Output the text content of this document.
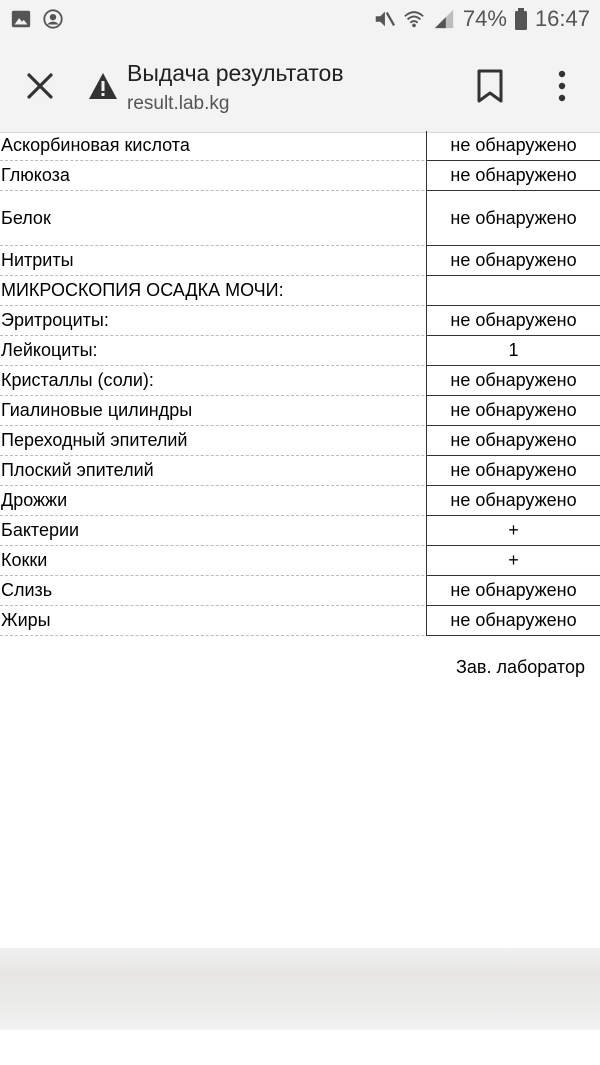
74% 16:47
Выдача результатов
result.lab.kg
Аскорбиновая кислота	не обнаружено
Глюкоза	не обнаружено
Белок	не обнаружено
Нитриты	не обнаружено
МИКРОСКОПИЯ ОСАДКА МОЧИ:
Эритроциты:	не обнаружено
Лейкоциты:	1
Кристаллы (соли):	не обнаружено
Гиалиновые цилиндры	не обнаружено
Переходный эпителий	не обнаружено
Плоский эпителий	не обнаружено
Дрожжи	не обнаружено
Бактерии	+
Кокки	+
Слизь	не обнаружено
Жиры	не обнаружено
Зав. лаборатор
